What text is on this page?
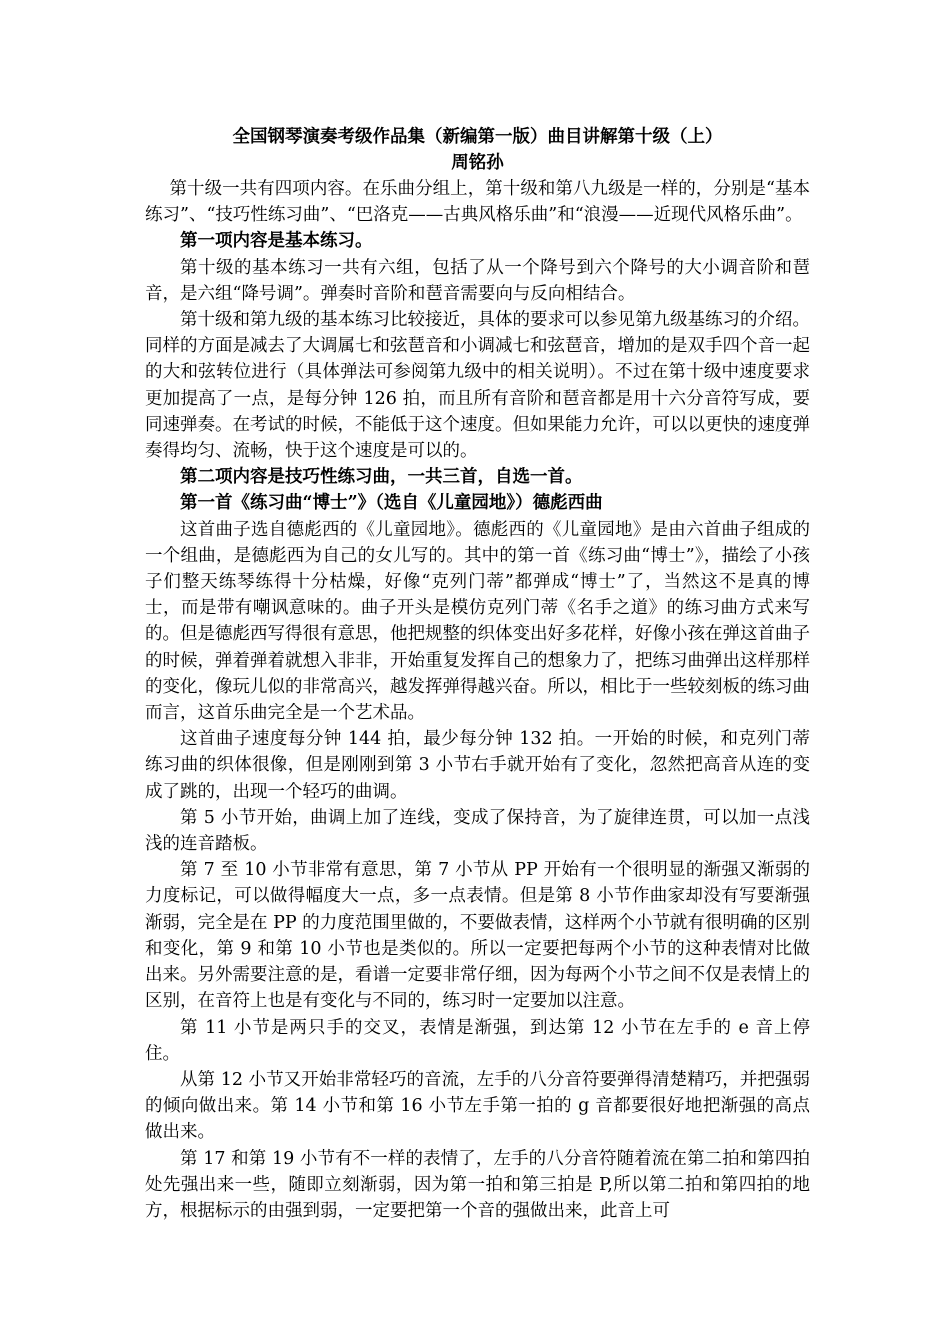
全国钢琴演奏考级作品集（新编第一版）曲目讲解第十级（上）

周铭孙

第十级一共有四项内容。在乐曲分组上，第十级和第八九级是一样的，分别是“基本练习”、“技巧性练习曲”、“巴洛克——古典风格乐曲”和“浪漫——近现代风格乐曲”。

第一项内容是基本练习。

第十级的基本练习一共有六组，包括了从一个降号到六个降号的大小调音阶和琶音，是六组“降号调”。弹奏时音阶和琶音需要向与反向相结合。

第十级和第九级的基本练习比较接近，具体的要求可以参见第九级基练习的介绍。同样的方面是减去了大调属七和弦琶音和小调减七和弦琶音，增加的是双手四个音一起的大和弦转位进行（具体弹法可参阅第九级中的相关说明）。不过在第十级中速度要求更加提高了一点，是每分钟 126 拍，而且所有音阶和琶音都是用十六分音符写成，要同速弹奏。在考试的时候，不能低于这个速度。但如果能力允许，可以以更快的速度弹奏得均匀、流畅，快于这个速度是可以的。

第二项内容是技巧性练习曲，一共三首，自选一首。

第一首《练习曲“博士”》（选自《儿童园地》）德彪西曲

这首曲子选自德彪西的《儿童园地》。德彪西的《儿童园地》是由六首曲子组成的一个组曲，是德彪西为自己的女儿写的。其中的第一首《练习曲“博士”》，描绘了小孩子们整天练琴练得十分枯燥，好像“克列门蒂”都弹成“博士”了，当然这不是真的博士，而是带有嘲讽意味的。曲子开头是模仿克列门蒂《名手之道》的练习曲方式来写的。但是德彪西写得很有意思，他把规整的织体变出好多花样，好像小孩在弹这首曲子的时候，弹着弹着就想入非非，开始重复发挥自己的想象力了，把练习曲弹出这样那样的变化，像玩儿似的非常高兴，越发挥弹得越兴奋。所以，相比于一些较刻板的练习曲而言，这首乐曲完全是一个艺术品。

这首曲子速度每分钟 144 拍，最少每分钟 132 拍。一开始的时候，和克列门蒂练习曲的织体很像，但是刚刚到第 3 小节右手就开始有了变化，忽然把高音从连的变成了跳的，出现一个轻巧的曲调。

第 5 小节开始，曲调上加了连线，变成了保持音，为了旋律连贯，可以加一点浅浅的连音踏板。

第 7 至 10 小节非常有意思，第 7 小节从 PP 开始有一个很明显的渐强又渐弱的力度标记，可以做得幅度大一点，多一点表情。但是第 8 小节作曲家却没有写要渐强渐弱，完全是在 PP 的力度范围里做的，不要做表情，这样两个小节就有很明确的区别和变化，第 9 和第 10 小节也是类似的。所以一定要把每两个小节的这种表情对比做出来。另外需要注意的是，看谱一定要非常仔细，因为每两个小节之间不仅是表情上的区别，在音符上也是有变化与不同的，练习时一定要加以注意。

第 11 小节是两只手的交叉，表情是渐强，到达第 12 小节在左手的 e 音上停住。

从第 12 小节又开始非常轻巧的音流，左手的八分音符要弹得清楚精巧，并把强弱的倾向做出来。第 14 小节和第 16 小节左手第一拍的 g 音都要很好地把渐强的高点做出来。

第 17 和第 19 小节有不一样的表情了，左手的八分音符随着流在第二拍和第四拍处先强出来一些，随即立刻渐弱，因为第一拍和第三拍是 P,所以第二拍和第四拍的地方，根据标示的由强到弱，一定要把第一个音的强做出来，此音上可
